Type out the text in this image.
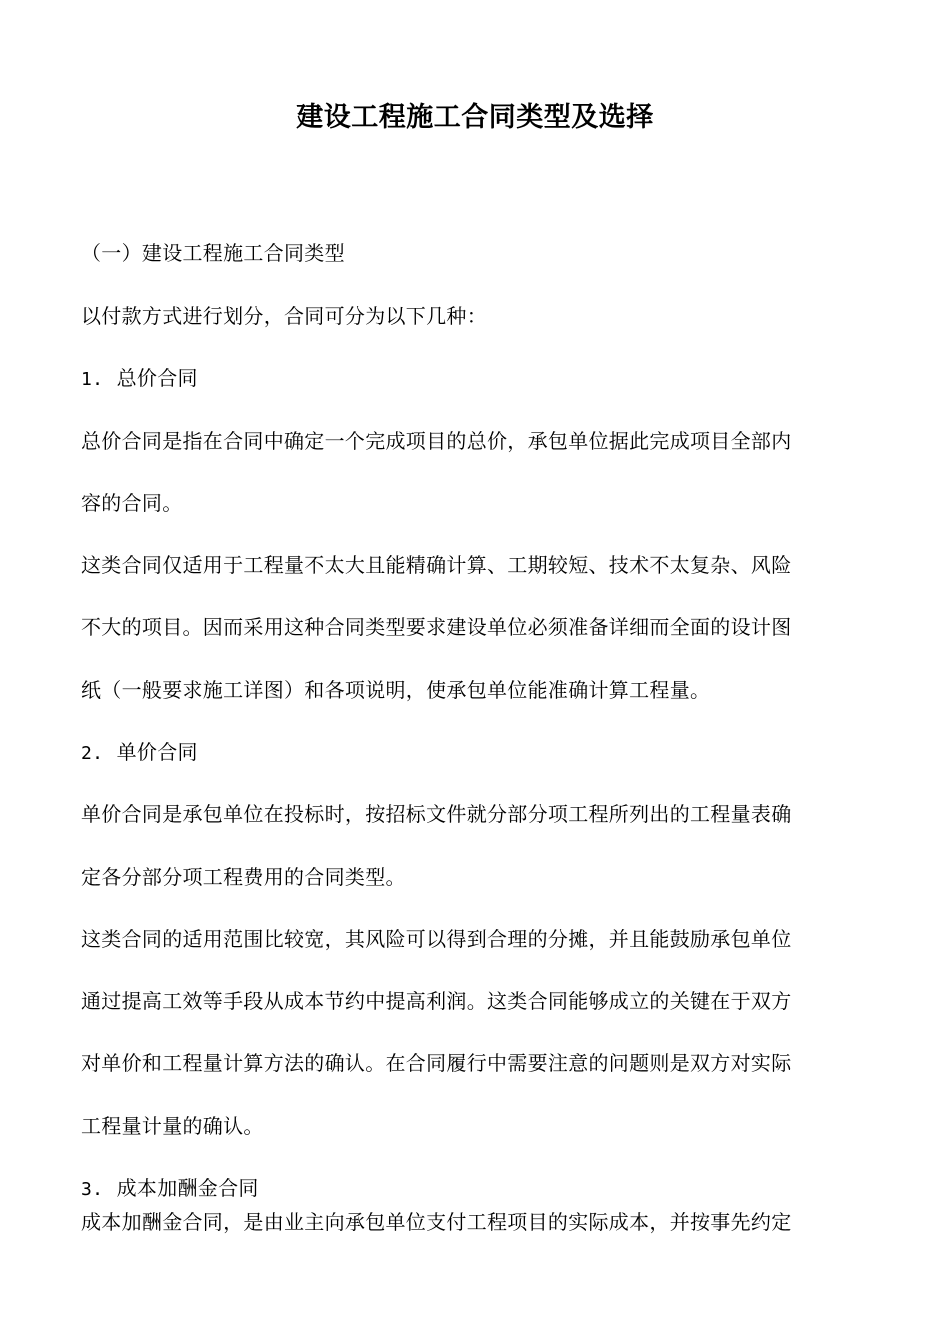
建设工程施工合同类型及选择
（一）建设工程施工合同类型
以付款方式进行划分，合同可分为以下几种：
1. 总价合同
总价合同是指在合同中确定一个完成项目的总价，承包单位据此完成项目全部内
容的合同。
这类合同仅适用于工程量不太大且能精确计算、工期较短、技术不太复杂、风险
不大的项目。因而采用这种合同类型要求建设单位必须准备详细而全面的设计图
纸（一般要求施工详图）和各项说明，使承包单位能准确计算工程量。
2. 单价合同
单价合同是承包单位在投标时，按招标文件就分部分项工程所列出的工程量表确
定各分部分项工程费用的合同类型。
这类合同的适用范围比较宽，其风险可以得到合理的分摊，并且能鼓励承包单位
通过提高工效等手段从成本节约中提高利润。这类合同能够成立的关键在于双方
对单价和工程量计算方法的确认。在合同履行中需要注意的问题则是双方对实际
工程量计量的确认。
3. 成本加酬金合同
成本加酬金合同，是由业主向承包单位支付工程项目的实际成本，并按事先约定
